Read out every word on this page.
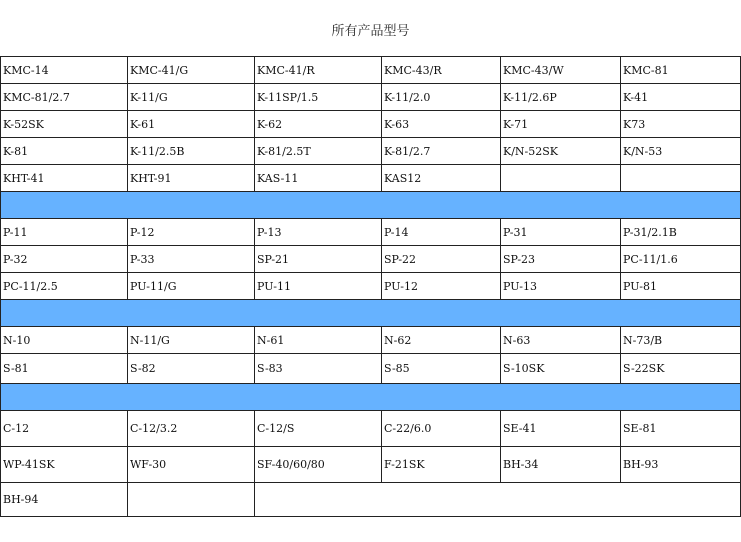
所有产品型号
KMC-14	KMC-41/G	KMC-41/R	KMC-43/R	KMC-43/W	KMC-81
KMC-81/2.7	K-11/G	K-11SP/1.5	K-11/2.0	K-11/2.6P	K-41
K-52SK	K-61	K-62	K-63	K-71	K73
K-81	K-11/2.5B	K-81/2.5T	K-81/2.7	K/N-52SK	K/N-53
KHT-41	KHT-91	KAS-11	KAS12		

P-11	P-12	P-13	P-14	P-31	P-31/2.1B
P-32	P-33	SP-21	SP-22	SP-23	PC-11/1.6
PC-11/2.5	PU-11/G	PU-11	PU-12	PU-13	PU-81

N-10	N-11/G	N-61	N-62	N-63	N-73/B
S-81	S-82	S-83	S-85	S-10SK	S-22SK

C-12	C-12/3.2	C-12/S	C-22/6.0	SE-41	SE-81
WP-41SK	WF-30	SF-40/60/80	F-21SK	BH-34	BH-93
BH-94					
